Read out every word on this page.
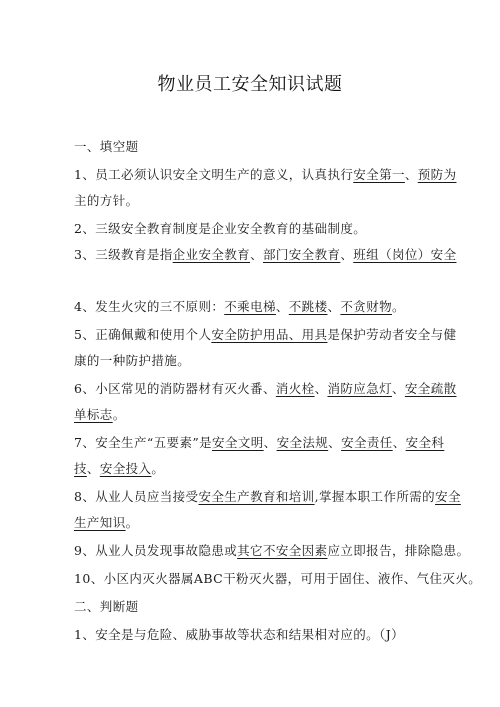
物业员工安全知识试题
一、填空题
1、员工必须认识安全文明生产的意义，认真执行安全第一、预防为
主的方针。
2、三级安全教育制度是企业安全教育的基础制度。
3、三级教育是指企业安全教育、部门安全教育、班组（岗位）安全
4、发生火灾的三不原则：不乘电梯、不跳楼、不贪财物。
5、正确佩戴和使用个人安全防护用品、用具是保护劳动者安全与健
康的一种防护措施。
6、小区常见的消防器材有灭火番、消火栓、消防应急灯、安全疏散
单标志。
7、安全生产“五要素”是安全文明、安全法规、安全责任、安全科
技、安全投入。
8、从业人员应当接受安全生产教育和培训,掌握本职工作所需的安全
生产知识。
9、从业人员发现事故隐患或其它不安全因素应立即报告，排除隐患。
10、小区内灭火器属ABC干粉灭火器，可用于固住、液作、气住灭火。
二、判断题
1、安全是与危险、威胁事故等状态和结果相对应的。（J）
